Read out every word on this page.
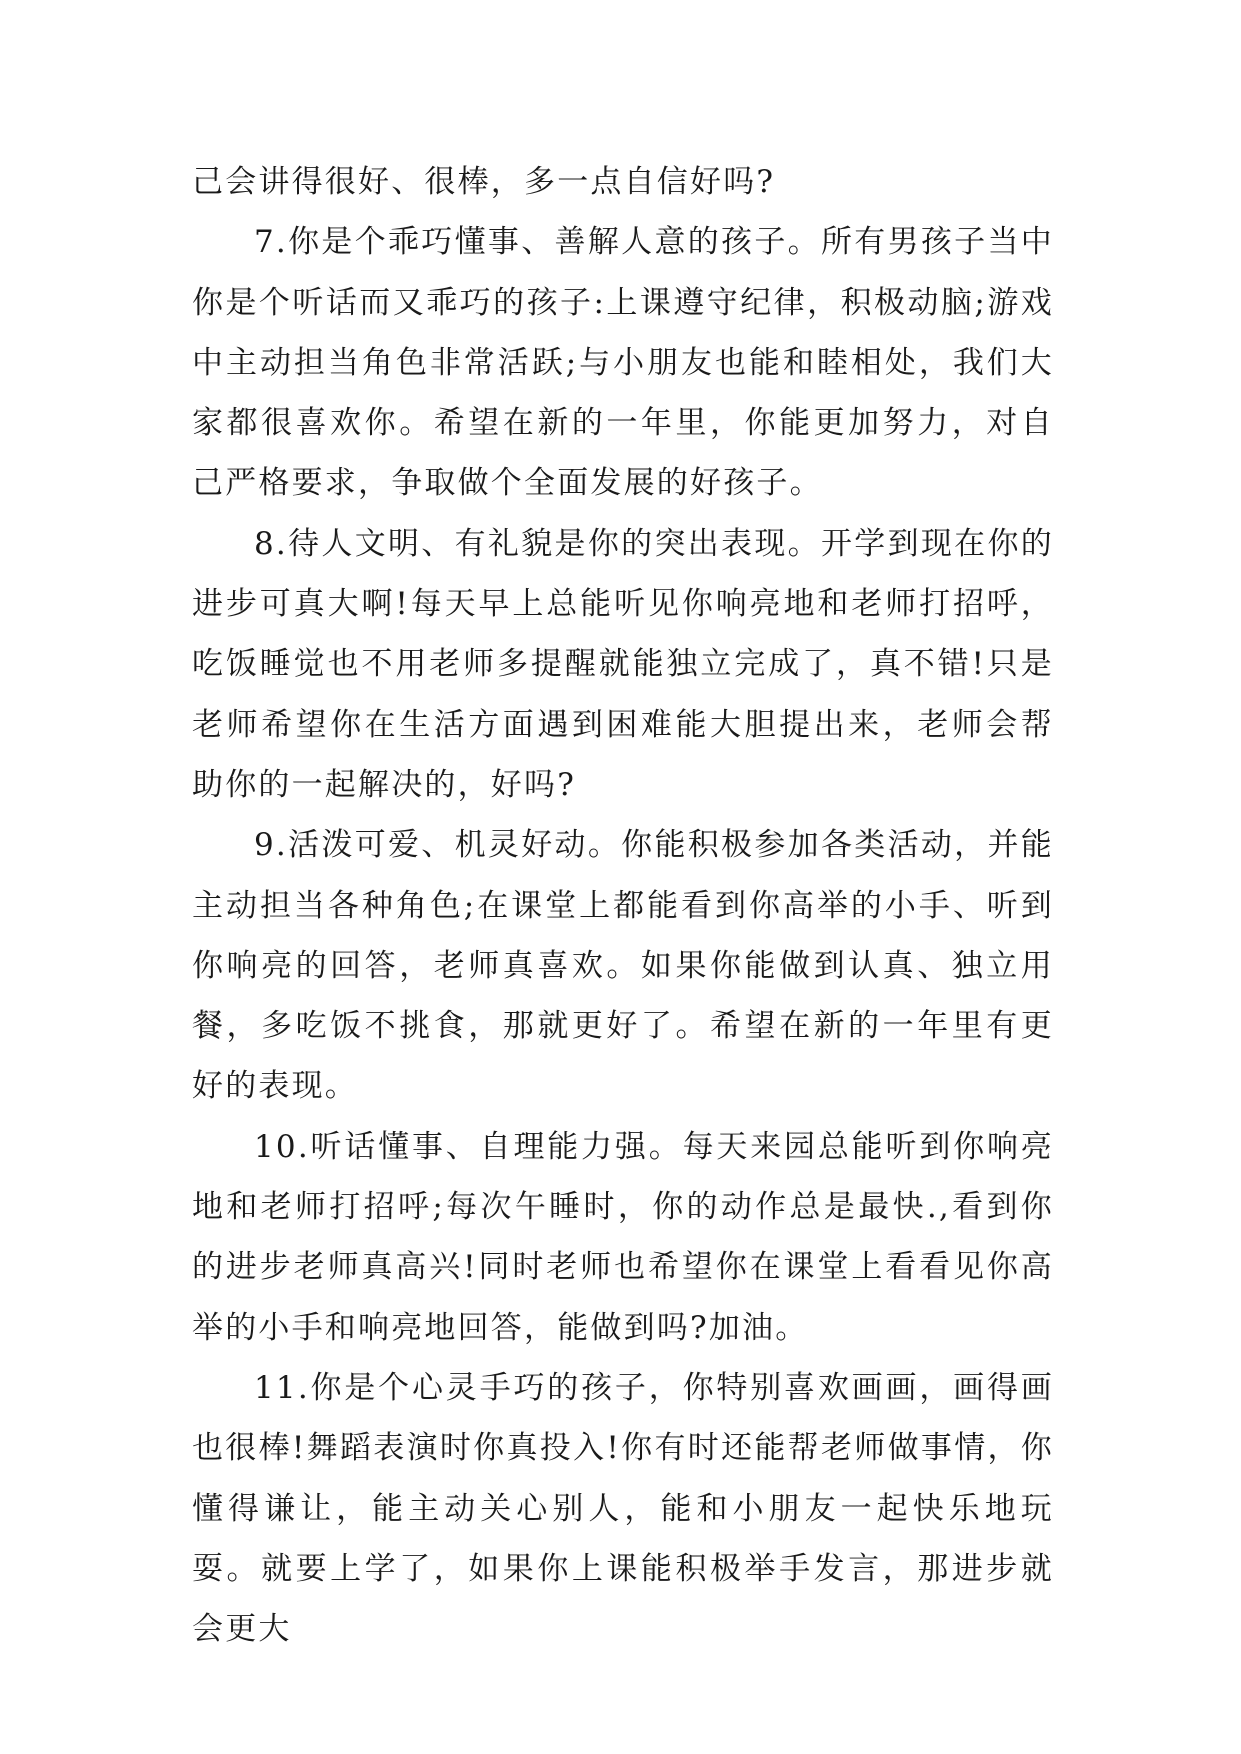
己会讲得很好、很棒，多一点自信好吗?

7.你是个乖巧懂事、善解人意的孩子。所有男孩子当中你是个听话而又乖巧的孩子:上课遵守纪律，积极动脑;游戏中主动担当角色非常活跃;与小朋友也能和睦相处，我们大家都很喜欢你。希望在新的一年里，你能更加努力，对自己严格要求，争取做个全面发展的好孩子。

8.待人文明、有礼貌是你的突出表现。开学到现在你的进步可真大啊!每天早上总能听见你响亮地和老师打招呼，吃饭睡觉也不用老师多提醒就能独立完成了，真不错!只是老师希望你在生活方面遇到困难能大胆提出来，老师会帮助你的一起解决的，好吗?

9.活泼可爱、机灵好动。你能积极参加各类活动，并能主动担当各种角色;在课堂上都能看到你高举的小手、听到你响亮的回答，老师真喜欢。如果你能做到认真、独立用餐，多吃饭不挑食，那就更好了。希望在新的一年里有更好的表现。

10.听话懂事、自理能力强。每天来园总能听到你响亮地和老师打招呼;每次午睡时，你的动作总是最快.,看到你的进步老师真高兴!同时老师也希望你在课堂上看看见你高举的小手和响亮地回答，能做到吗?加油。

11.你是个心灵手巧的孩子，你特别喜欢画画，画得画也很棒!舞蹈表演时你真投入!你有时还能帮老师做事情，你懂得谦让，能主动关心别人，能和小朋友一起快乐地玩耍。就要上学了，如果你上课能积极举手发言，那进步就会更大
